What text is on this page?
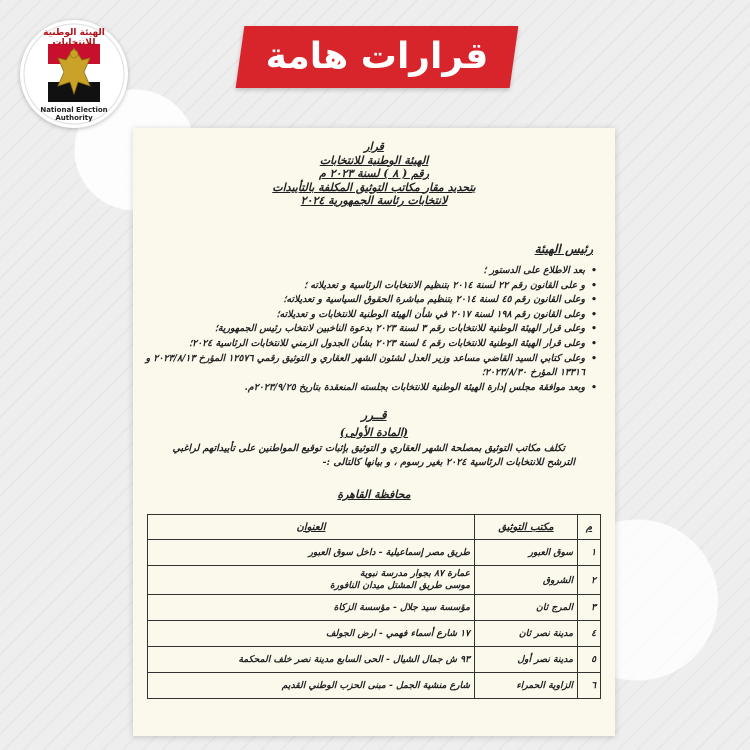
الهيئة الوطنية للانتخابات
National Election Authority
قرارات هامة
قرار
الهيئة الوطنية للانتخابات
رقم ( ٨ ) لسنة ٢٠٢٣ م
بتحديد مقار مكاتب التوثيق المكلفة بالتأييدات
لانتخابات رئاسة الجمهورية ٢٠٢٤
رئيس الهيئة
• بعد الاطلاع على الدستور ؛
• و على القانون رقم ٢٢ لسنة ٢٠١٤ بتنظيم الانتخابات الرئاسية و تعديلاته ؛
• وعلى القانون رقم ٤٥ لسنة ٢٠١٤ بتنظيم مباشرة الحقوق السياسية و تعديلاته؛
• وعلى القانون رقم ١٩٨ لسنة ٢٠١٧ في شأن الهيئة الوطنية للانتخابات و تعديلاته؛
• وعلى قرار الهيئة الوطنية للانتخابات رقم ٣ لسنة ٢٠٢٣ بدعوة الناخبين لانتخاب رئيس الجمهورية؛
• وعلى قرار الهيئة الوطنية للانتخابات رقم ٤ لسنة ٢٠٢٣ بشأن الجدول الزمني للانتخابات الرئاسية ٢٠٢٤؛
• وعلى كتابي السيد القاضي مساعد وزير العدل لشئون الشهر العقاري و التوثيق رقمي ١٢٥٧٦ المؤرخ ٢٠٢٣/٨/١٣ و ١٣٣١٦ المؤرخ ٢٠٢٣/٨/٣٠؛
• وبعد موافقة مجلس إدارة الهيئة الوطنية للانتخابات بجلسته المنعقدة بتاريخ ٢٠٢٣/٩/٢٥م.
قــرر
(المادة الأولى)
تكلف مكاتب التوثيق بمصلحة الشهر العقاري و التوثيق بإثبات توقيع المواطنين على تأييداتهم لراغبي الترشح للانتخابات الرئاسية ٢٠٢٤ بغير رسوم ، و بيانها كالتالى :-
محافظة القاهرة
م	مكتب التوثيق	العنوان
١	سوق العبور	طريق مصر إسماعيلية - داخل سوق العبور

٢	الشروق	عمارة ٨٧ بجوار مدرسة نبوية
موسى طريق المشتل ميدان النافورة

٣	المرج ثان	مؤسسة سيد جلال - مؤسسة الزكاة

٤	مدينة نصر ثان	١٧ شارع أسماء فهمي - ارض الجولف

٥	مدينة نصر أول	٩٣ ش جمال الشيال - الحى السابع مدينة نصر خلف المحكمة

٦	الزاوية الحمراء	شارع منشية الجمل - مبنى الحزب الوطني القديم
